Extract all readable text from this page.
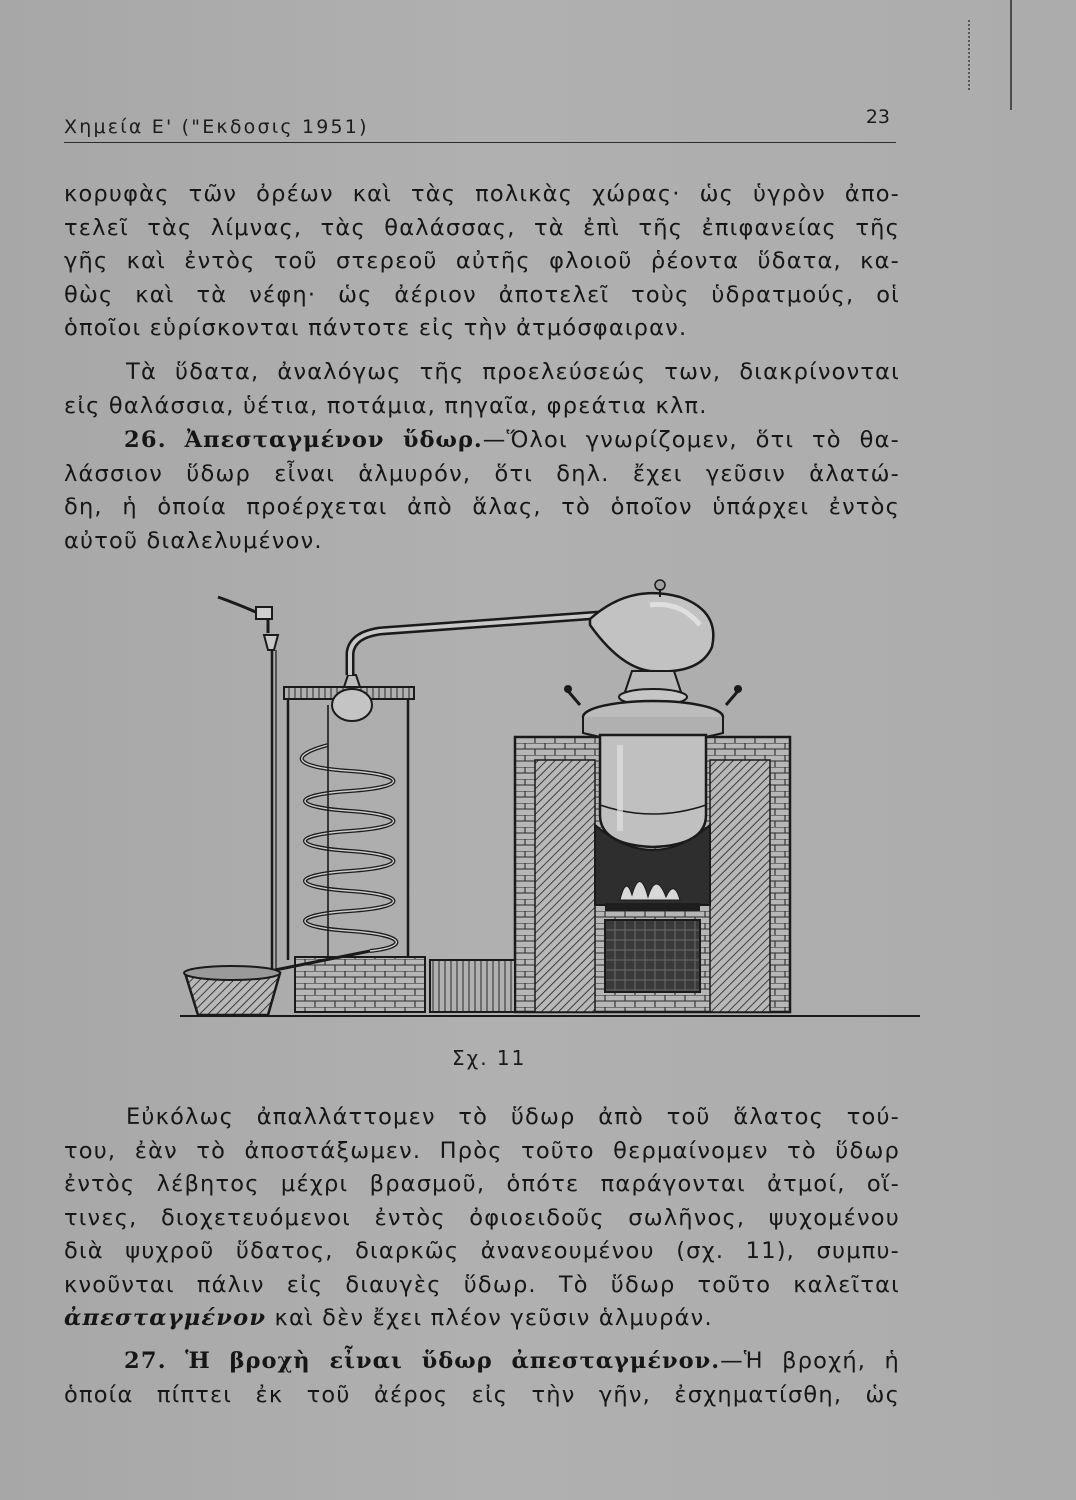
Χημεία Ε' ("Εκδοσις 1951)	23
κορυφὰς τῶν ὀρέων καὶ τὰς πολικὰς χώρας· ὡς ὑγρὸν ἀπο-
τελεῖ τὰς λίμνας, τὰς θαλάσσας, τὰ ἐπὶ τῆς ἐπιφανείας τῆς
γῆς καὶ ἐντὸς τοῦ στερεοῦ αὐτῆς φλοιοῦ ῥέοντα ὕδατα, κα-
θὼς καὶ τὰ νέφη· ὡς ἀέριον ἀποτελεῖ τοὺς ὑδρατμούς, οἱ
ὁποῖοι εὑρίσκονται πάντοτε εἰς τὴν ἀτμόσφαιραν.
Τὰ ὕδατα, ἀναλόγως τῆς προελεύσεώς των, διακρίνονται
εἰς θαλάσσια, ὑέτια, ποτάμια, πηγαῖα, φρεάτια κλπ.
26. Ἀπεσταγμένον ὕδωρ.—Ὅλοι γνωρίζομεν, ὅτι τὸ θα-
λάσσιον ὕδωρ εἶναι ἁλμυρόν, ὅτι δηλ. ἔχει γεῦσιν ἁλατώ-
δη, ἡ ὁποία προέρχεται ἀπὸ ἅλας, τὸ ὁποῖον ὑπάρχει ἐντὸς
αὐτοῦ διαλελυμένον.
Σχ. 11
Εὐκόλως ἀπαλλάττομεν τὸ ὕδωρ ἀπὸ τοῦ ἅλατος τού-
του, ἐὰν τὸ ἀποστάξωμεν. Πρὸς τοῦτο θερμαίνομεν τὸ ὕδωρ
ἐντὸς λέβητος μέχρι βρασμοῦ, ὁπότε παράγονται ἀτμοί, οἵ-
τινες, διοχετευόμενοι ἐντὸς ὀφιοειδοῦς σωλῆνος, ψυχομένου
διὰ ψυχροῦ ὕδατος, διαρκῶς ἀνανεουμένου (σχ. 11), συμπυ-
κνοῦνται πάλιν εἰς διαυγὲς ὕδωρ. Τὸ ὕδωρ τοῦτο καλεῖται
ἀπεσταγμένον καὶ δὲν ἔχει πλέον γεῦσιν ἁλμυράν.
27. Ἡ βροχὴ εἶναι ὕδωρ ἀπεσταγμένον.—Ἡ βροχή, ἡ
ὁποία πίπτει ἐκ τοῦ ἀέρος εἰς τὴν γῆν, ἐσχηματίσθη, ὡς
